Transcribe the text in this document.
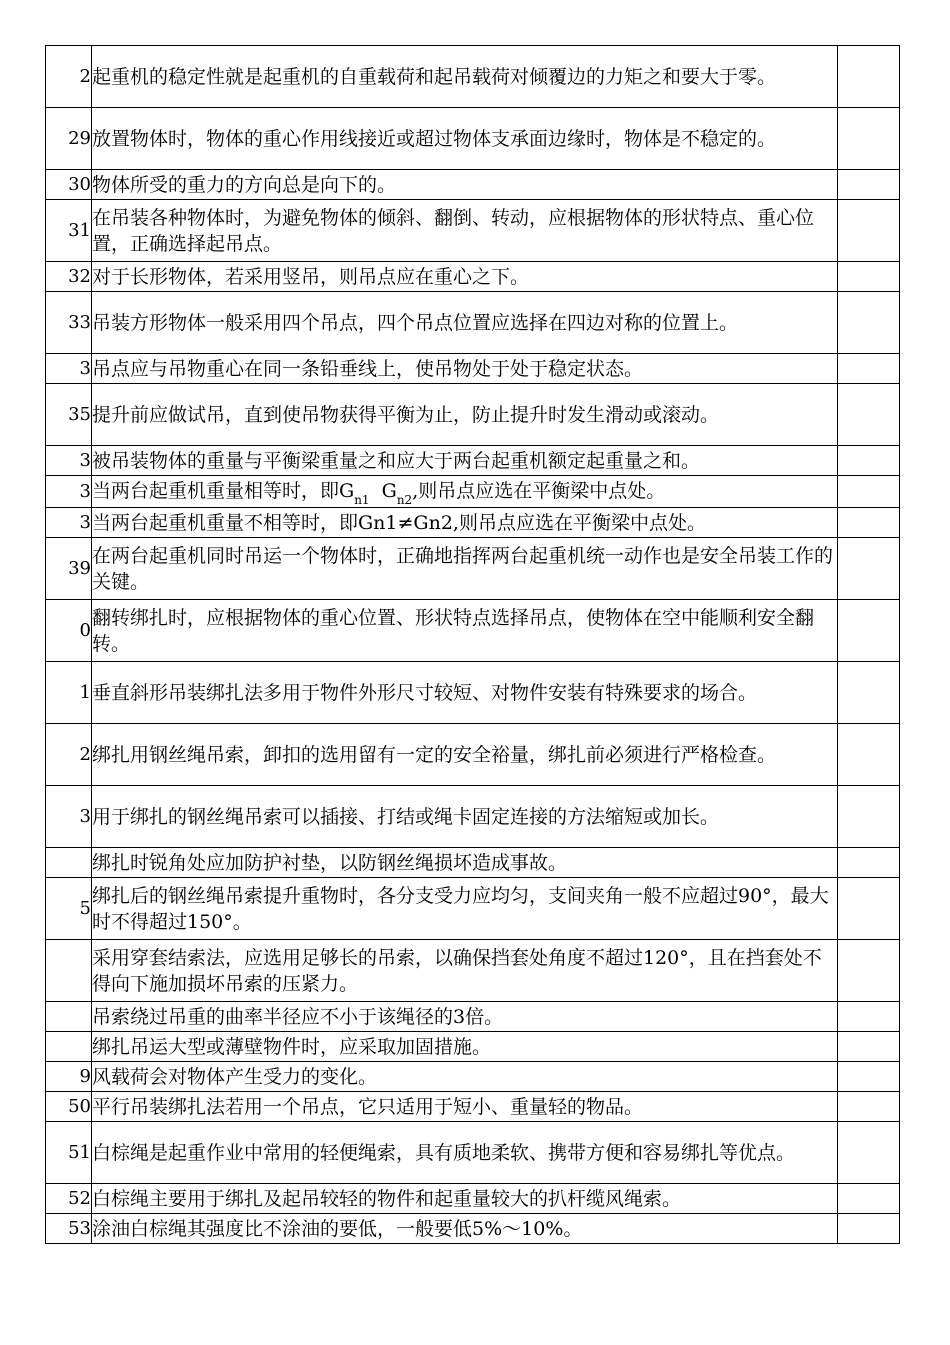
2	起重机的稳定性就是起重机的自重载荷和起吊载荷对倾覆边的力矩之和要大于零。	
29	放置物体时，物体的重心作用线接近或超过物体支承面边缘时，物体是不稳定的。	
30	物体所受的重力的方向总是向下的。	
31	在吊装各种物体时，为避免物体的倾斜、翻倒、转动，应根据物体的形状特点、重心位置，正确选择起吊点。	
32	对于长形物体，若采用竖吊，则吊点应在重心之下。	
33	吊装方形物体一般采用四个吊点，四个吊点位置应选择在四边对称的位置上。	
3	吊点应与吊物重心在同一条铅垂线上，使吊物处于处于稳定状态。	
35	提升前应做试吊，直到使吊物获得平衡为止，防止提升时发生滑动或滚动。	
3	被吊装物体的重量与平衡梁重量之和应大于两台起重机额定起重量之和。	
3	当两台起重机重量相等时，即$G_{n1}$  $G_{n2}$,则吊点应选在平衡梁中点处。	
3	当两台起重机重量不相等时，即Gn1≠Gn2,则吊点应选在平衡梁中点处。	
39	在两台起重机同时吊运一个物体时，正确地指挥两台起重机统一动作也是安全吊装工作的关键。	
0	翻转绑扎时，应根据物体的重心位置、形状特点选择吊点，使物体在空中能顺利安全翻转。	
1	垂直斜形吊装绑扎法多用于物件外形尺寸较短、对物件安装有特殊要求的场合。	
2	绑扎用钢丝绳吊索，卸扣的选用留有一定的安全裕量，绑扎前必须进行严格检查。	
3	用于绑扎的钢丝绳吊索可以插接、打结或绳卡固定连接的方法缩短或加长。	
	绑扎时锐角处应加防护衬垫，以防钢丝绳损坏造成事故。	
5	绑扎后的钢丝绳吊索提升重物时，各分支受力应均匀，支间夹角一般不应超过90°，最大时不得超过150°。	
	采用穿套结索法，应选用足够长的吊索，以确保挡套处角度不超过120°，且在挡套处不得向下施加损坏吊索的压紧力。	
	吊索绕过吊重的曲率半径应不小于该绳径的3倍。	
	绑扎吊运大型或薄壁物件时，应采取加固措施。	
9	风载荷会对物体产生受力的变化。	
50	平行吊装绑扎法若用一个吊点，它只适用于短小、重量轻的物品。	
51	白棕绳是起重作业中常用的轻便绳索，具有质地柔软、携带方便和容易绑扎等优点。	
52	白棕绳主要用于绑扎及起吊较轻的物件和起重量较大的扒杆缆风绳索。	
53	涂油白棕绳其强度比不涂油的要低，一般要低5%～10%。	
